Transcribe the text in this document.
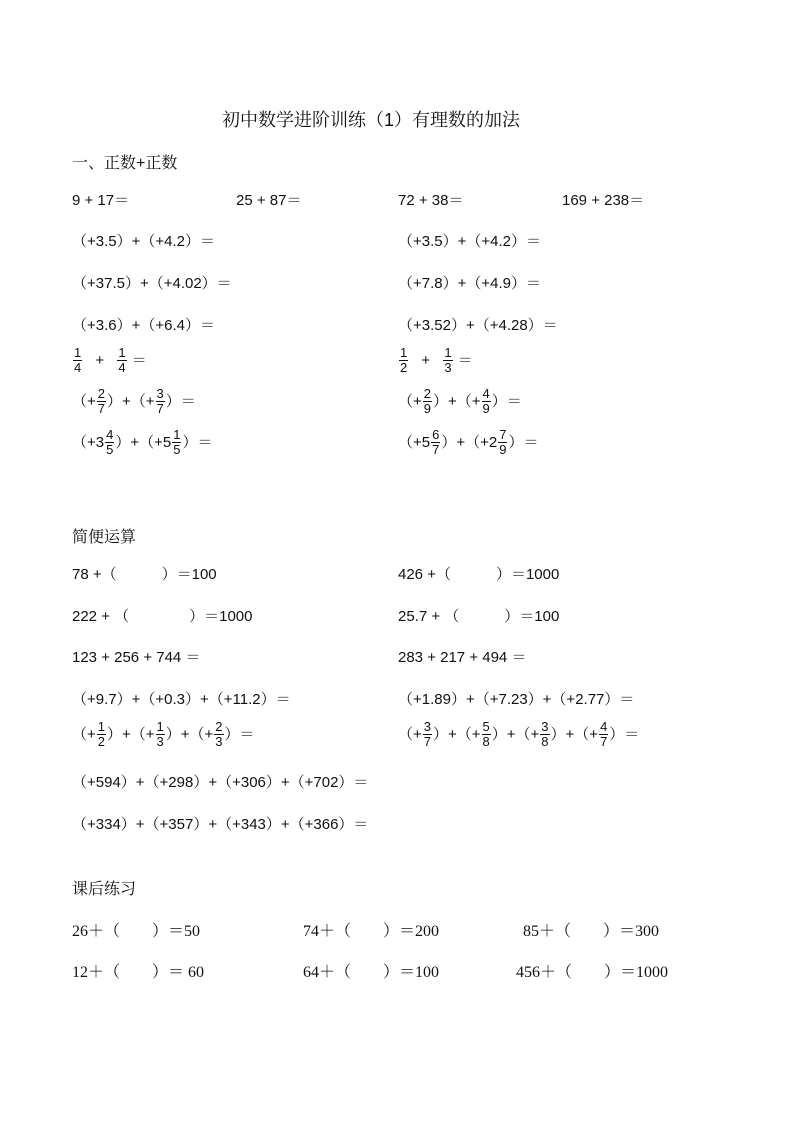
初中数学进阶训练（1）有理数的加法
一、正数+正数
9 + 17＝	25 + 87＝	72 + 38＝	169 + 238＝
（+3.5）+（+4.2）＝	（+3.5）+（+4.2）＝
（+37.5）+（+4.02）＝	（+7.8）+（+4.9）＝
（+3.6）+（+6.4）＝	（+3.52）+（+4.28）＝
$\frac{1}{4} + \frac{1}{4}$ ＝	$\frac{1}{2} + \frac{1}{3}$ ＝
（+ $\frac{2}{7}$ ）+（+ $\frac{3}{7}$ ）＝	（+ $\frac{2}{9}$ ）+（+ $\frac{4}{9}$ ）＝
$(+3 \frac{4}{5} )+(+5 \frac{1}{5}$ ）＝	$(+5 \frac{6}{7} )+(+2 \frac{7}{9}$ ）＝
简便运算
78 +（　　　）＝100	426 +（　　　）＝1000
222 + （　　　　）＝1000	25.7 + （　　　）＝100
123 + 256 + 744 ＝	283 + 217 + 494 ＝
（+9.7）+（+0.3）+（+11.2）＝	（+1.89）+（+7.23）+（+2.77）＝
（+ $\frac{1}{2}$ ）+（+ $\frac{1}{3}$ ）+（+ $\frac{2}{3}$ ）＝	（+ $\frac{3}{7}$ ）+（+ $\frac{5}{8}$ ）+（+ $\frac{3}{8}$ ）+（+ $\frac{4}{7}$ ）＝
（+594）+（+298）+（+306）+（+702）＝
（+334）+（+357）+（+343）+（+366）＝
课后练习
26＋（　　）＝50	74＋（　　）＝200	85＋（　　）＝300
12＋（　　）＝ 60	64＋（　　）＝100	456＋（　　）＝1000
